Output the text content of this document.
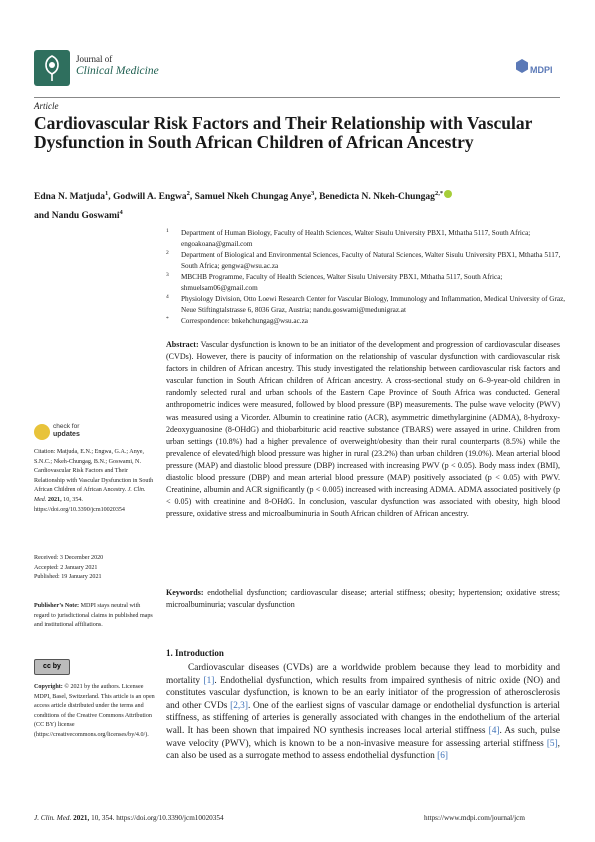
Journal of
Clinical Medicine	MDPI
Article
Cardiovascular Risk Factors and Their Relationship with Vascular Dysfunction in South African Children of African Ancestry
Edna N. Matjuda$^1$, Godwill A. Engwa$^2$, Samuel Nkeh Chungag Anye$^3$, Benedicta N. Nkeh-Chungag$^{2,*}$
and Nandu Goswami$^4$
1 Department of Human Biology, Faculty of Health Sciences, Walter Sisulu University PBX1, Mthatha 5117, South Africa; engoakoana@gmail.com
2 Department of Biological and Environmental Sciences, Faculty of Natural Sciences, Walter Sisulu University PBX1, Mthatha 5117, South Africa; gengwa@wsu.ac.za
3 MBCHB Programme, Faculty of Health Sciences, Walter Sisulu University PBX1, Mthatha 5117, South Africa; shmuelsam06@gmail.com
4 Physiology Division, Otto Loewi Research Center for Vascular Biology, Immunology and Inflammation, Medical University of Graz, Neue Stiftingtalstrasse 6, 8036 Graz, Austria; nandu.goswami@medunigraz.at
* Correspondence: bnkehchungag@wsu.ac.za
check for
updates
Citation: Matjuda, E.N.; Engwa, G.A.; Anye, S.N.C.; Nkeh-Chungag, B.N.; Goswami, N. Cardiovascular Risk Factors and Their Relationship with Vascular Dysfunction in South African Children of African Ancestry. J. Clin. Med. 2021, 10, 354. https://doi.org/10.3390/jcm10020354
Received: 3 December 2020
Accepted: 2 January 2021
Published: 19 January 2021
Publisher’s Note: MDPI stays neutral with regard to jurisdictional claims in published maps and institutional affiliations.
cc by
Copyright: © 2021 by the authors. Licensee MDPI, Basel, Switzerland. This article is an open access article distributed under the terms and conditions of the Creative Commons Attribution (CC BY) license (https://creativecommons.org/licenses/by/4.0/).
Abstract: Vascular dysfunction is known to be an initiator of the development and progression of cardiovascular diseases (CVDs). However, there is paucity of information on the relationship of vascular dysfunction with cardiovascular risk factors in children of African ancestry. This study investigated the relationship between cardiovascular risk factors and vascular function in South African children of African ancestry. A cross-sectional study on 6–9-year-old children in randomly selected rural and urban schools of the Eastern Cape Province of South Africa was conducted. General anthropometric indices were measured, followed by blood pressure (BP) measurements. The pulse wave velocity (PWV) was measured using a Vicorder. Albumin to creatinine ratio (ACR), asymmetric dimethylarginine (ADMA), 8-hydroxy-2deoxyguanosine (8-OHdG) and thiobarbituric acid reactive substance (TBARS) were assayed in urine. Children from urban settings (10.8%) had a higher prevalence of overweight/obesity than their rural counterparts (8.5%) while the prevalence of elevated/high blood pressure was higher in rural (23.2%) than urban children (19.0%). Mean arterial blood pressure (MAP) and diastolic blood pressure (DBP) increased with increasing PWV (p < 0.05). Body mass index (BMI), diastolic blood pressure (DBP) and mean arterial blood pressure (MAP) positively associated (p < 0.05) with PWV. Creatinine, albumin and ACR significantly (p < 0.005) increased with increasing ADMA. ADMA associated positively (p < 0.05) with creatinine and 8-OHdG. In conclusion, vascular dysfunction was associated with obesity, high blood pressure, oxidative stress and microalbuminuria in South African children of African ancestry.
Keywords: endothelial dysfunction; cardiovascular disease; arterial stiffness; obesity; hypertension; oxidative stress; microalbuminuria; vascular dysfunction
1. Introduction
Cardiovascular diseases (CVDs) are a worldwide problem because they lead to morbidity and mortality [1]. Endothelial dysfunction, which results from impaired synthesis of nitric oxide (NO) and constitutes vascular dysfunction, is known to be an early initiator of the progression of atherosclerosis and other CVDs [2,3]. One of the earliest signs of vascular damage or endothelial dysfunction is arterial stiffness, as stiffening of arteries is generally associated with changes in the endothelium of the arterial wall. It has been shown that impaired NO synthesis increases local arterial stiffness [4]. As such, pulse wave velocity (PWV), which is known to be a non-invasive measure for assessing arterial stiffness [5], can also be used as a surrogate method to assess endothelial dysfunction [6]
J. Clin. Med. 2021, 10, 354. https://doi.org/10.3390/jcm10020354	https://www.mdpi.com/journal/jcm
